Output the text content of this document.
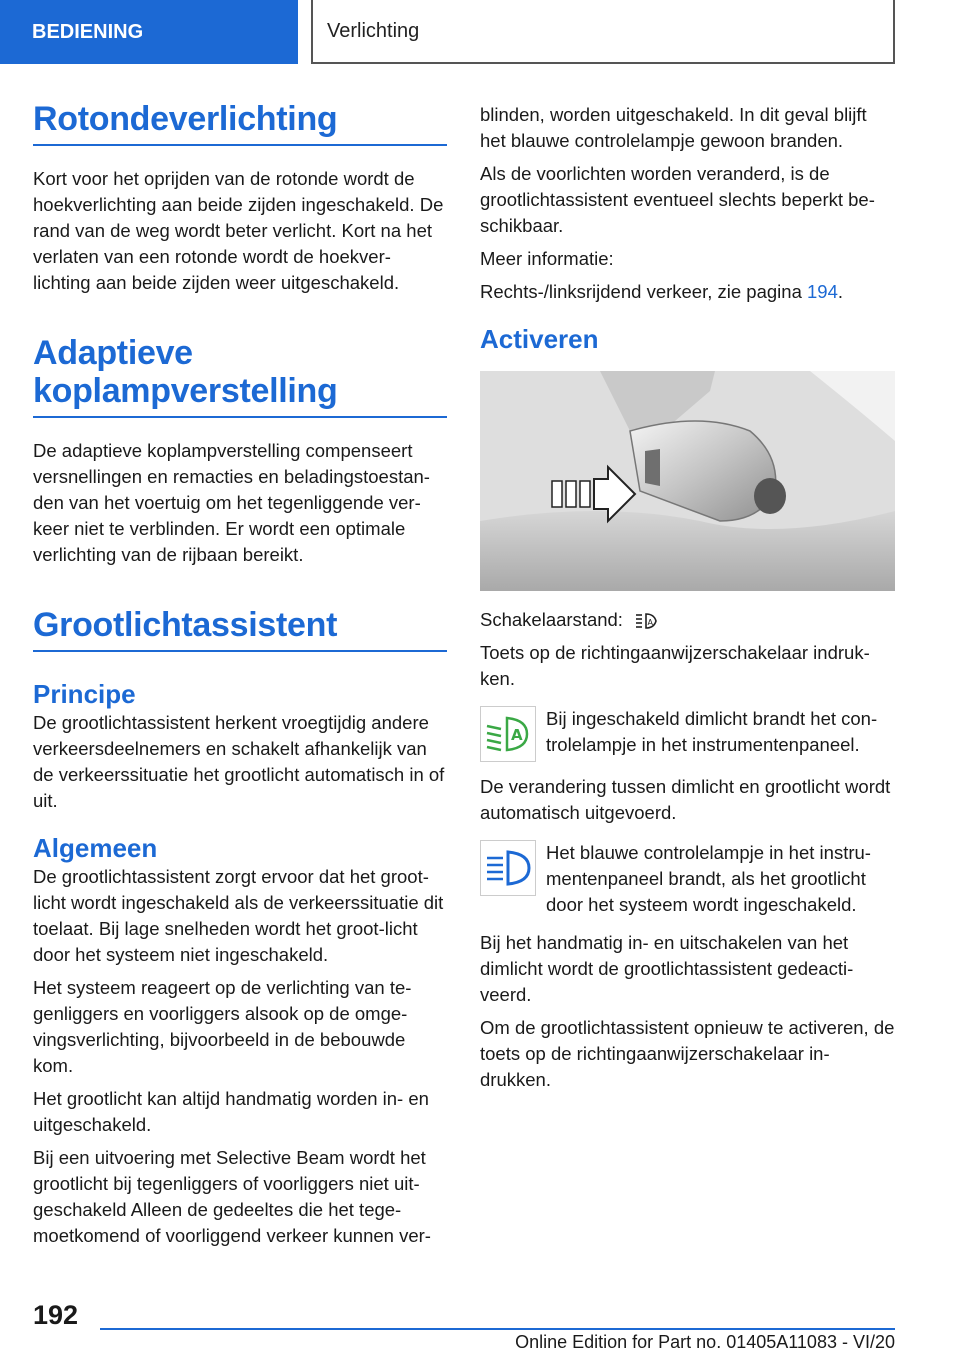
BEDIENING	Verlichting
Rotondeverlichting

Kort voor het oprijden van de rotonde wordt de hoekverlichting aan beide zijden ingeschakeld. De rand van de weg wordt beter verlicht. Kort na het verlaten van een rotonde wordt de hoekver-lichting aan beide zijden weer uitgeschakeld.

Adaptieve koplampverstelling

De adaptieve koplampverstelling compenseert versnellingen en remacties en beladingstoestan-den van het voertuig om het tegenliggende ver-keer niet te verblinden. Er wordt een optimale verlichting van de rijbaan bereikt.

Grootlichtassistent
Principe

De grootlichtassistent herkent vroegtijdig andere verkeersdeelnemers en schakelt afhankelijk van de verkeerssituatie het grootlicht automatisch in of uit.

Algemeen

De grootlichtassistent zorgt ervoor dat het groot-licht wordt ingeschakeld als de verkeerssituatie dit toelaat. Bij lage snelheden wordt het groot-licht door het systeem niet ingeschakeld.

Het systeem reageert op de verlichting van te-genliggers en voorliggers alsook op de omge-vingsverlichting, bijvoorbeeld in de bebouwde kom.

Het grootlicht kan altijd handmatig worden in- en uitgeschakeld.

Bij een uitvoering met Selective Beam wordt het grootlicht bij tegenliggers of voorliggers niet uit-geschakeld Alleen de gedeeltes die het tege-moetkomend of voorliggend verkeer kunnen ver-

blinden, worden uitgeschakeld. In dit geval blijft het blauwe controlelampje gewoon branden.

Als de voorlichten worden veranderd, is de grootlichtassistent eventueel slechts beperkt be-schikbaar.

Meer informatie:

Rechts-/linksrijdend verkeer, zie pagina 194.

Activeren

Schakelaarstand:	A

Toets op de richtingaanwijzerschakelaar indruk-ken.

A

Bij ingeschakeld dimlicht brandt het con-trolelampje in het instrumentenpaneel.

De verandering tussen dimlicht en grootlicht wordt automatisch uitgevoerd.

Het blauwe controlelampje in het instru-mentenpaneel brandt, als het grootlicht door het systeem wordt ingeschakeld.

Bij het handmatig in- en uitschakelen van het dimlicht wordt de grootlichtassistent gedeacti-veerd.

Om de grootlichtassistent opnieuw te activeren, de toets op de richtingaanwijzerschakelaar in-drukken.

192
Online Edition for Part no. 01405A11083 - VI/20
